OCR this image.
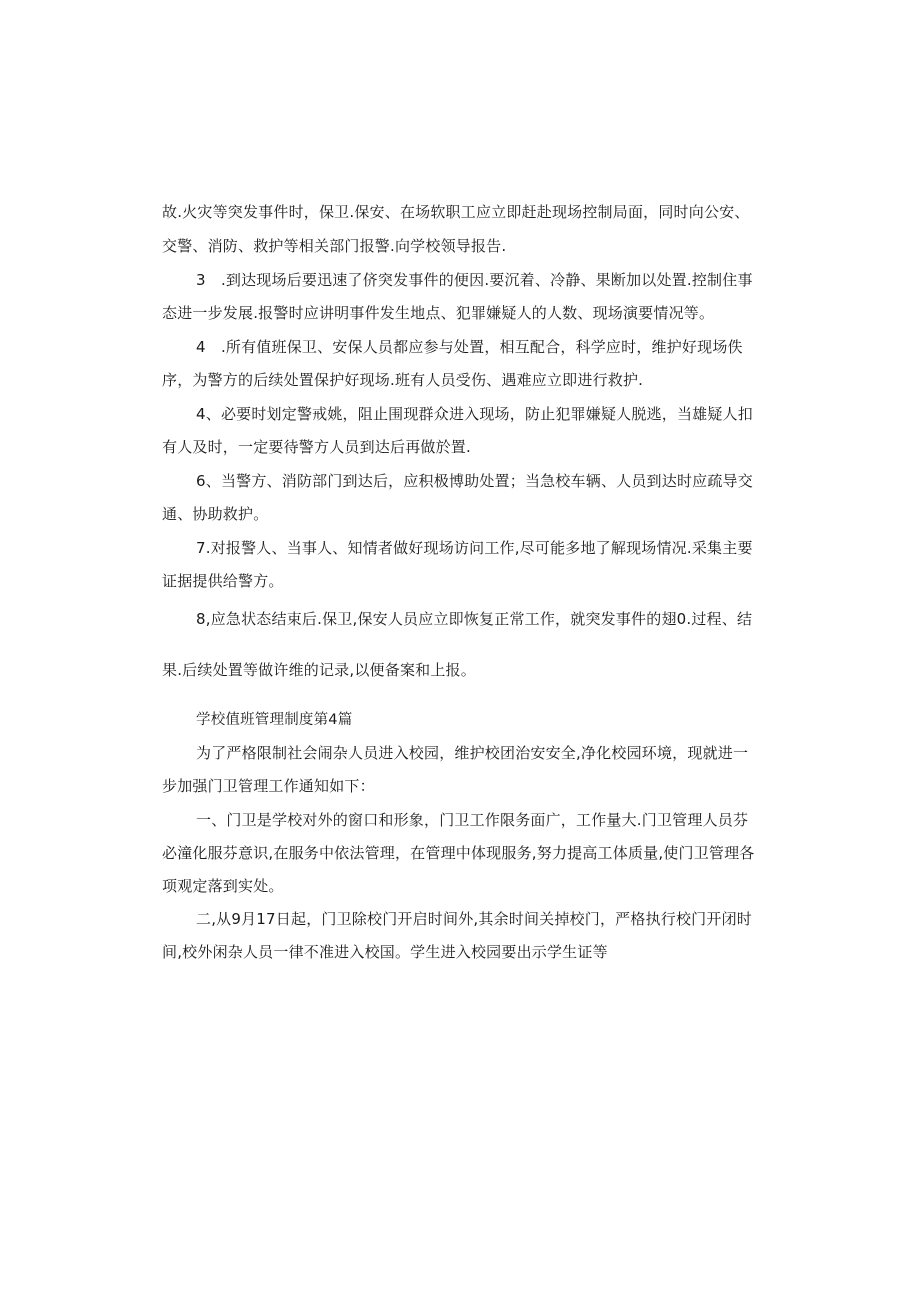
故.火灾等突发事件时，保卫.保安、在场软职工应立即赶赴现场控制局面，同时向公安、
交警、消防、救护等相关部门报警.向学校领导报告.
3　.到达现场后要迅速了侪突发事件的便因.要沉着、冷静、果断加以处置.控制住事
态进一步发展.报警时应讲明事件发生地点、犯罪嫌疑人的人数、现场演要情况等。
4　.所有值班保卫、安保人员都应参与处置，相互配合，科学应时，维护好现场佚
序，为警方的后续处置保护好现场.班有人员受伤、遇难应立即进行救护.
4、必要时划定警戒姚，阻止围现群众进入现场，防止犯罪嫌疑人脱逃，当雄疑人扣
有人及时，一定要待警方人员到达后再做於置.
6、当警方、消防部门到达后，应积极博助处置；当急校车辆、人员到达时应疏导交
通、协助救护。
7.对报警人、当事人、知情者做好现场访问工作,尽可能多地了解现场情况.采集主要
证据提供给警方。
8,应急状态结束后.保卫,保安人员应立即恢复正常工作，就突发事件的翅0.过程、结
果.后续处置等做许维的记录,以便备案和上报。
学校值班管理制度第4篇
为了严格限制社会闹杂人员进入校园，维护校团治安安全,净化校园环境，现就进一
步加强门卫管理工作通知如下：
一、门卫是学校对外的窗口和形象，门卫工作限务面广，工作量大.门卫管理人员芬
必潼化服芬意识,在服务中依法管理，在管理中体现服务,努力提高工体质量,使门卫管理各
项观定落到实处。
二,从9月17日起，门卫除校门开启时间外,其余时间关掉校门，严格执行校门开闭时
间,校外闲杂人员一律不准进入校国。学生进入校园要出示学生证等
